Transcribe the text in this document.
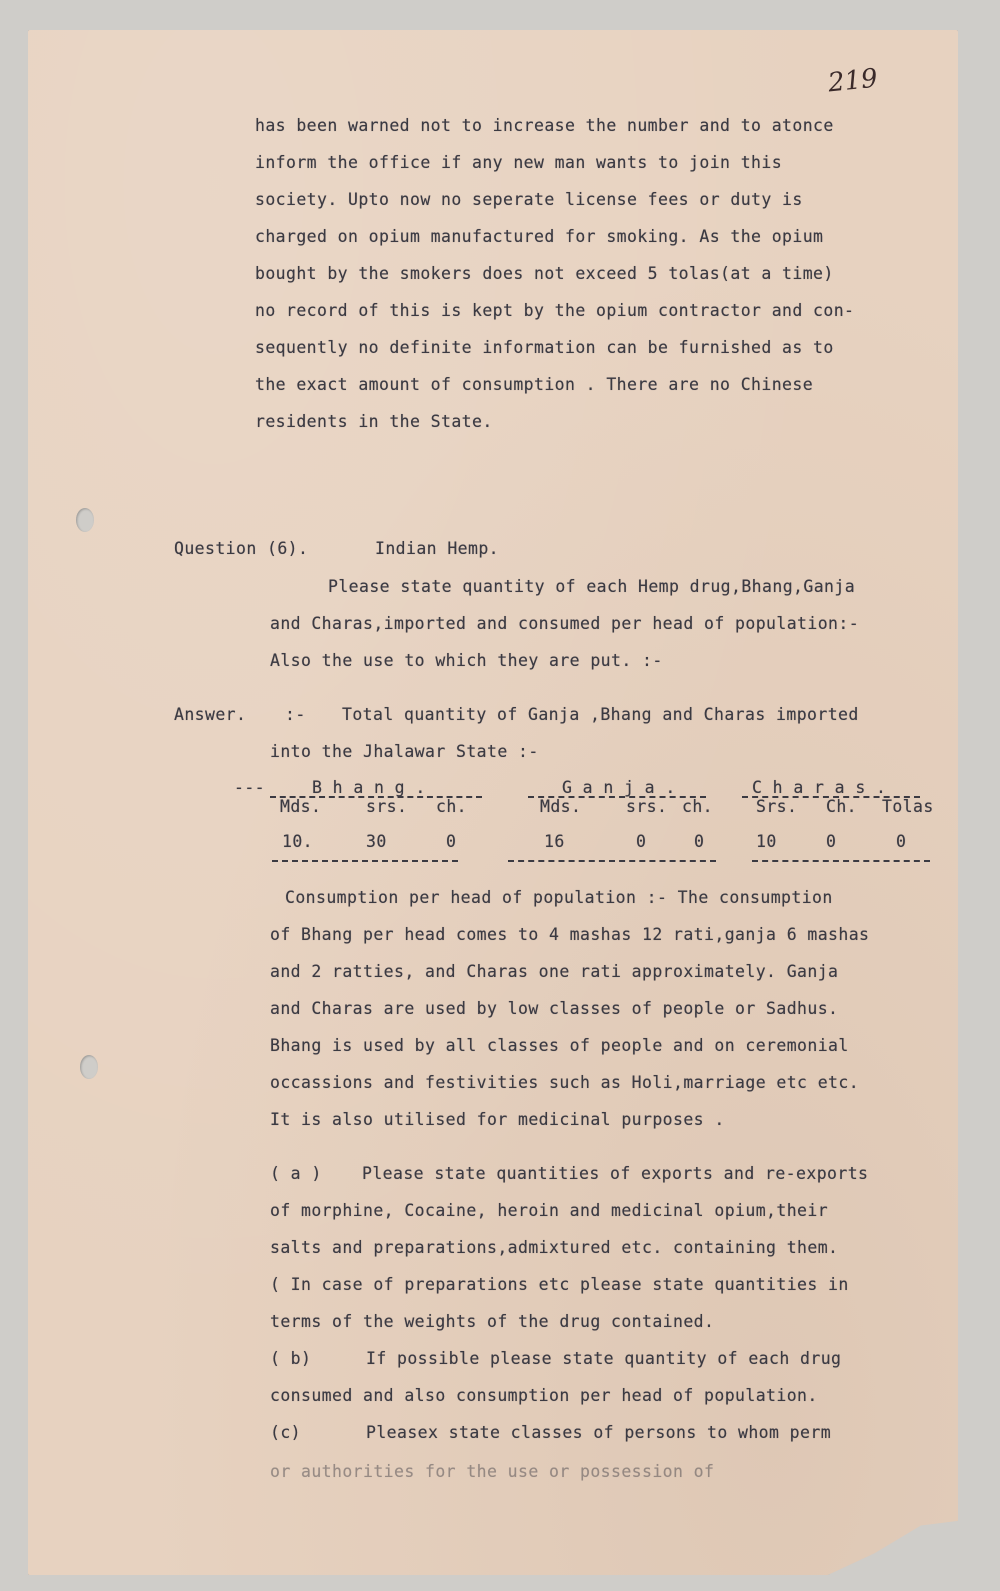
219
has been warned not to increase the number and to atonce
inform the office if any new man wants to join this
society. Upto now no seperate license fees or duty is
charged on opium manufactured for smoking. As the opium
bought by the smokers does not exceed 5 tolas(at a time)
no record of this is kept by the opium contractor and con-
sequently no definite information can be furnished as to
the exact amount of consumption . There are no Chinese
residents in the State.
Question (6).	Indian Hemp.
Please state quantity of each Hemp drug,Bhang,Ganja
and Charas,imported and consumed per head of population:-
Also the use to which they are put. :-
Answer. :- Total quantity of Ganja ,Bhang and Charas imported
into the Jhalawar State :-
---	B h a n g .	G a n j a .	C h a r a s .
Mds.	srs. ch.	Mds.	srs. ch.	Srs. Ch. Tolas
10.	30	0	16	0	0	10	0	0
Consumption per head of population :- The consumption
of Bhang per head comes to 4 mashas 12 rati,ganja 6 mashas
and 2 ratties, and Charas one rati approximately. Ganja
and Charas are used by low classes of people or Sadhus.
Bhang is used by all classes of people and on ceremonial
occassions and festivities such as Holi,marriage etc etc.
It is also utilised for medicinal purposes .
( a ) Please state quantities of exports and re-exports
of morphine, Cocaine, heroin and medicinal opium,their
salts and preparations,admixtured etc. containing them.
( In case of preparations etc please state quantities in
terms of the weights of the drug contained.
( b)	If possible please state quantity of each drug
consumed and also consumption per head of population.
(c)	Pleasex state classes of persons to whom perm
or authorities for the use or possession of
